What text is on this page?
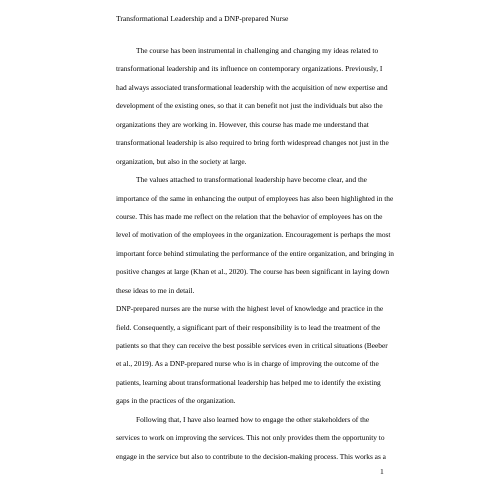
Transformational Leadership and a DNP-prepared Nurse
The course has been instrumental in challenging and changing my ideas related to
transformational leadership and its influence on contemporary organizations. Previously, I
had always associated transformational leadership with the acquisition of new expertise and
development of the existing ones, so that it can benefit not just the individuals but also the
organizations they are working in. However, this course has made me understand that
transformational leadership is also required to bring forth widespread changes not just in the
organization, but also in the society at large.
The values attached to transformational leadership have become clear, and the
importance of the same in enhancing the output of employees has also been highlighted in the
course. This has made me reflect on the relation that the behavior of employees has on the
level of motivation of the employees in the organization. Encouragement is perhaps the most
important force behind stimulating the performance of the entire organization, and bringing in
positive changes at large (Khan et al., 2020). The course has been significant in laying down
these ideas to me in detail.
DNP-prepared nurses are the nurse with the highest level of knowledge and practice in the
field. Consequently, a significant part of their responsibility is to lead the treatment of the
patients so that they can receive the best possible services even in critical situations (Beeber
et al., 2019). As a DNP-prepared nurse who is in charge of improving the outcome of the
patients, learning about transformational leadership has helped me to identify the existing
gaps in the practices of the organization.
Following that, I have also learned how to engage the other stakeholders of the
services to work on improving the services. This not only provides them the opportunity to
engage in the service but also to contribute to the decision-making process. This works as a
1
